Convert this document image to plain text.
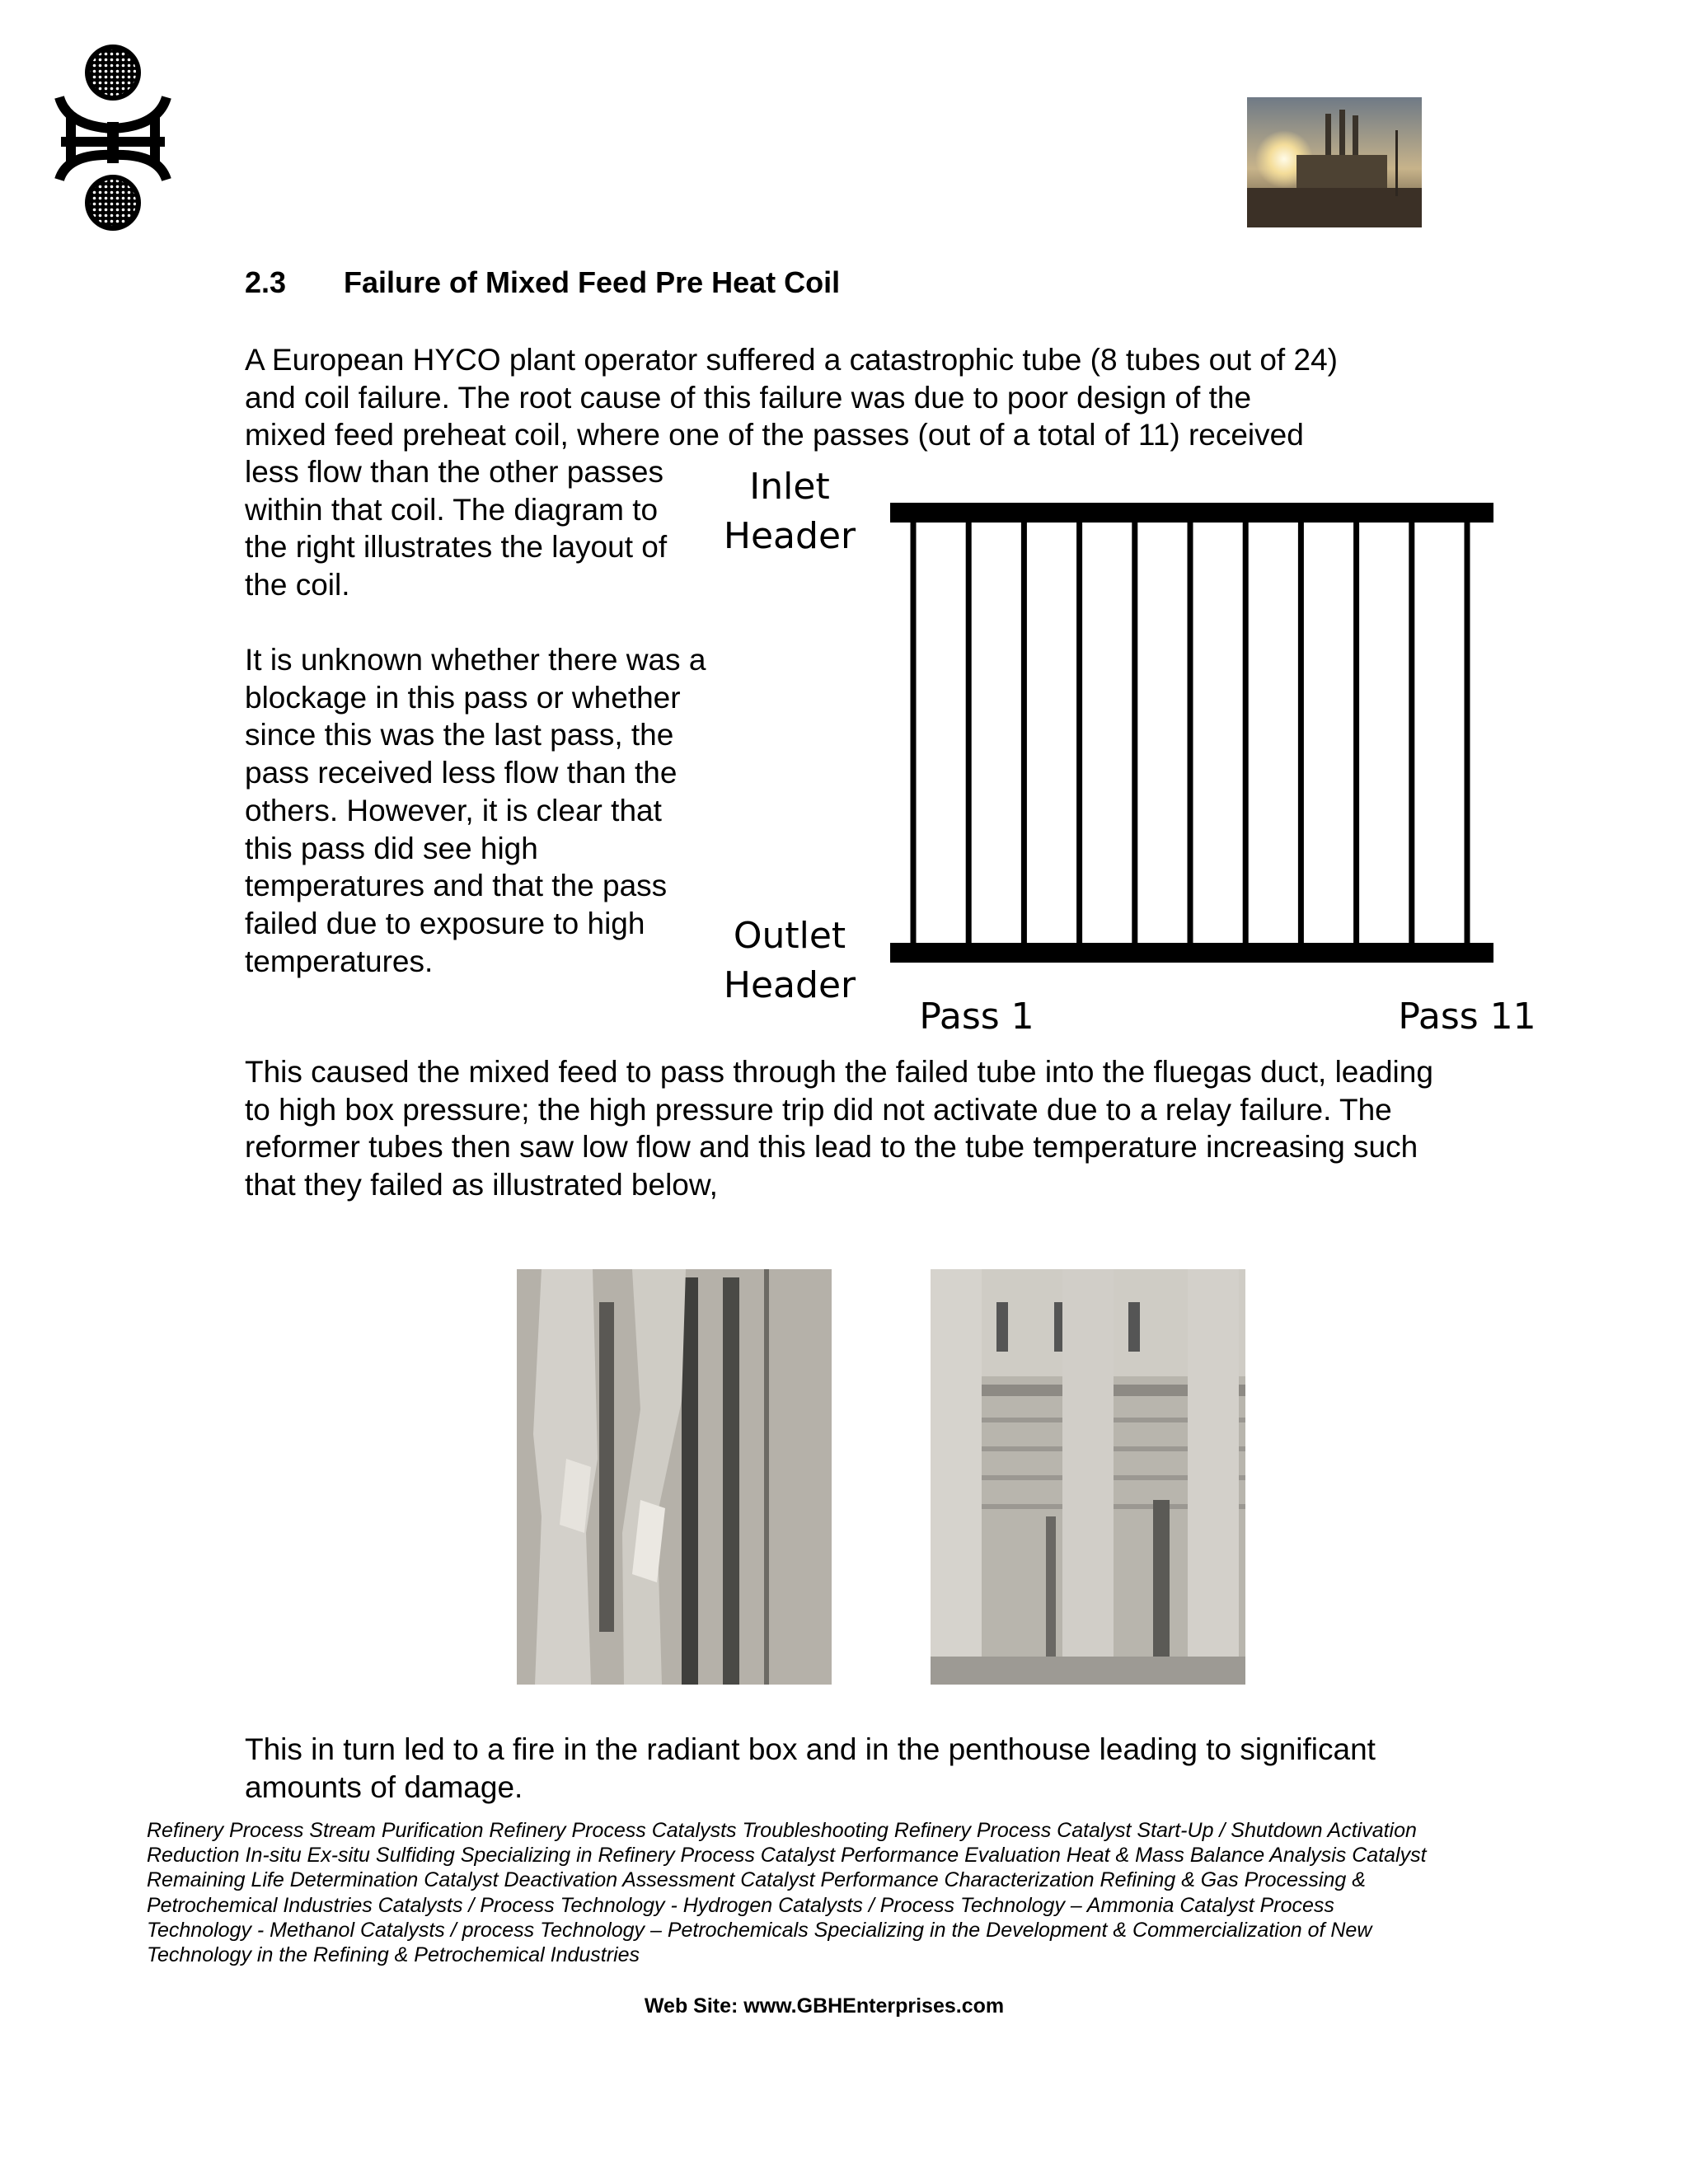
2.3 Failure of Mixed Feed Pre Heat Coil
A European HYCO plant operator suffered a catastrophic tube (8 tubes out of 24)
and coil failure. The root cause of this failure was due to poor design of the
mixed feed preheat coil, where one of the passes (out of a total of 11) received
less flow than the other passes within that coil. The diagram to the right illustrates the layout of the coil.
It is unknown whether there was a blockage in this pass or whether since this was the last pass, the pass received less flow than the others. However, it is clear that this pass did see high temperatures and that the pass failed due to exposure to high temperatures.
Inlet
Header
Outlet
Header
Pass 1	Pass 11
This caused the mixed feed to pass through the failed tube into the fluegas duct, leading to high box pressure; the high pressure trip did not activate due to a relay failure. The reformer tubes then saw low flow and this lead to the tube temperature increasing such that they failed as illustrated below,
This in turn led to a fire in the radiant box and in the penthouse leading to significant amounts of damage.
Refinery Process Stream Purification Refinery Process Catalysts Troubleshooting Refinery Process Catalyst Start-Up / Shutdown Activation Reduction In-situ Ex-situ Sulfiding Specializing in Refinery Process Catalyst Performance Evaluation Heat & Mass Balance Analysis Catalyst Remaining Life Determination Catalyst Deactivation Assessment Catalyst Performance Characterization Refining & Gas Processing & Petrochemical Industries Catalysts / Process Technology - Hydrogen Catalysts / Process Technology – Ammonia Catalyst Process Technology - Methanol Catalysts / process Technology – Petrochemicals Specializing in the Development & Commercialization of New Technology in the Refining & Petrochemical Industries
Web Site: www.GBHEnterprises.com
